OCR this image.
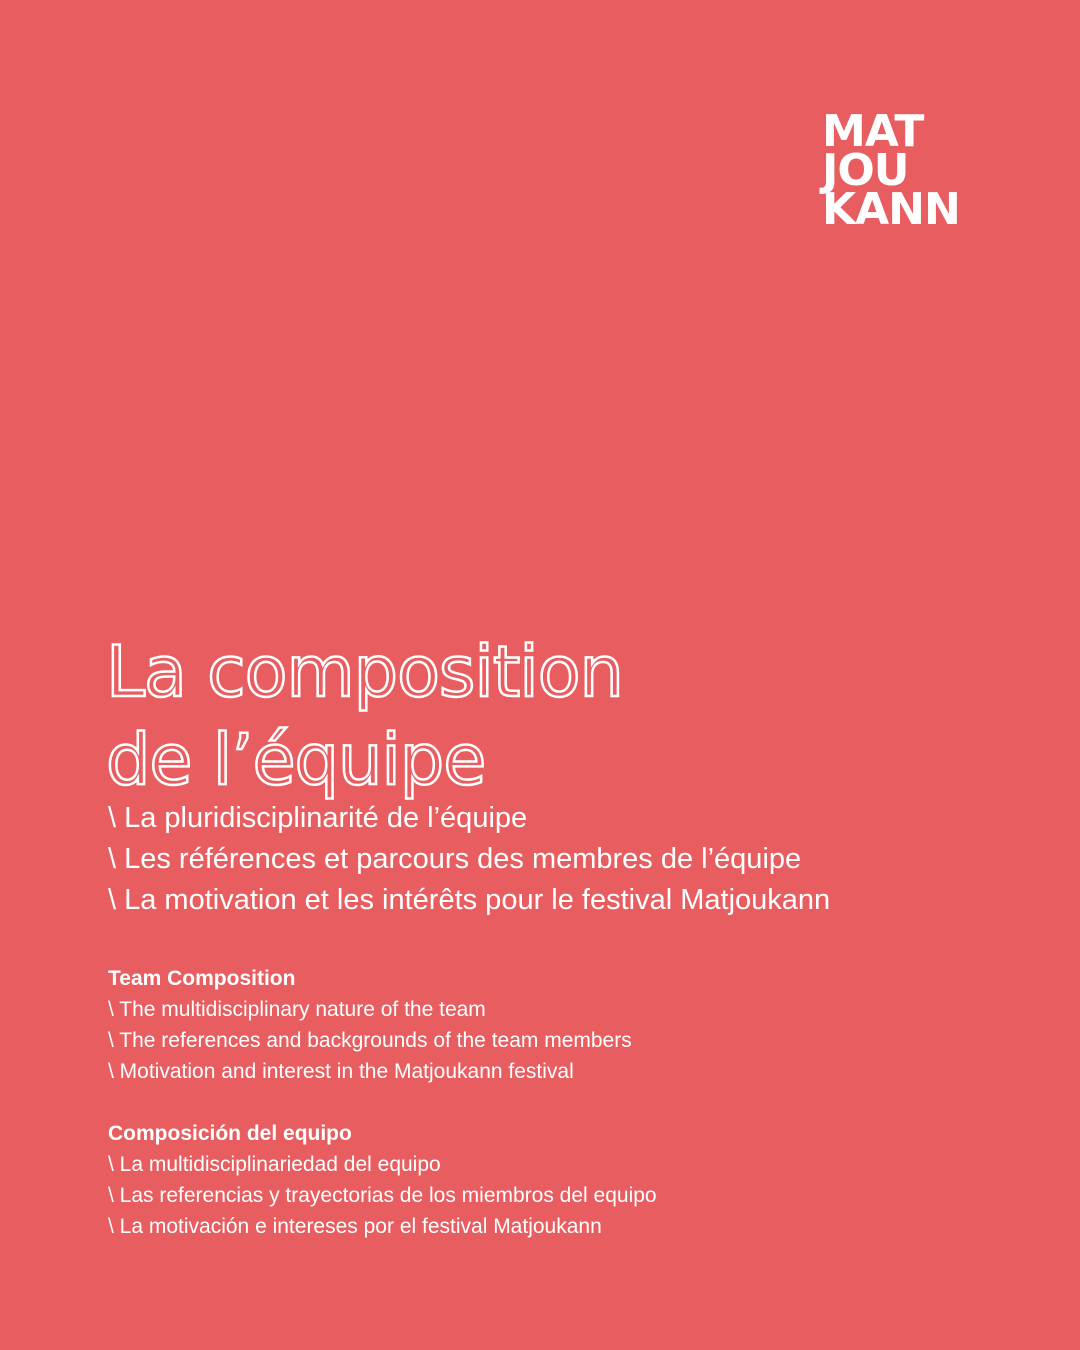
MAT
JOU
KANN
La composition
de l’équipe
\ La pluridisciplinarité de l’équipe
\ Les références et parcours des membres de l’équipe
\ La motivation et les intérêts pour le festival Matjoukann
Team Composition
\ The multidisciplinary nature of the team
\ The references and backgrounds of the team members
\ Motivation and interest in the Matjoukann festival
Composición del equipo
\ La multidisciplinariedad del equipo
\ Las referencias y trayectorias de los miembros del equipo
\ La motivación e intereses por el festival Matjoukann
